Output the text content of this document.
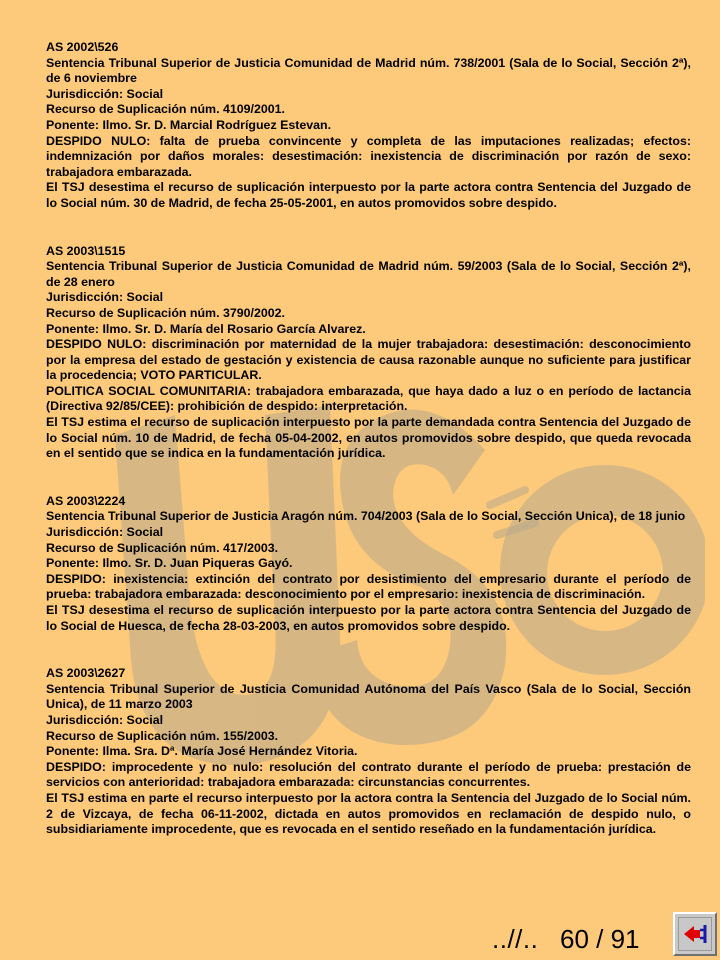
AS 2002\526

Sentencia Tribunal Superior de Justicia Comunidad de Madrid núm. 738/2001 (Sala de lo Social, Sección 2ª), de 6 noviembre

Jurisdicción: Social

Recurso de Suplicación núm. 4109/2001.

Ponente: Ilmo. Sr. D. Marcial Rodríguez Estevan.

DESPIDO NULO: falta de prueba convincente y completa de las imputaciones realizadas; efectos: indemnización por daños morales: desestimación: inexistencia de discriminación por razón de sexo: trabajadora embarazada.

El TSJ desestima el recurso de suplicación interpuesto por la parte actora contra Sentencia del Juzgado de lo Social núm. 30 de Madrid, de fecha 25-05-2001, en autos promovidos sobre despido.

AS 2003\1515

Sentencia Tribunal Superior de Justicia Comunidad de Madrid núm. 59/2003 (Sala de lo Social, Sección 2ª), de 28 enero

Jurisdicción: Social

Recurso de Suplicación núm. 3790/2002.

Ponente: Ilmo. Sr. D. María del Rosario García Alvarez.

DESPIDO NULO: discriminación por maternidad de la mujer trabajadora: desestimación: desconocimiento por la empresa del estado de gestación y existencia de causa razonable aunque no suficiente para justificar la procedencia; VOTO PARTICULAR.

POLITICA SOCIAL COMUNITARIA: trabajadora embarazada, que haya dado a luz o en período de lactancia (Directiva 92/85/CEE): prohibición de despido: interpretación.

El TSJ estima el recurso de suplicación interpuesto por la parte demandada contra Sentencia del Juzgado de lo Social núm. 10 de Madrid, de fecha 05-04-2002, en autos promovidos sobre despido, que queda revocada en el sentido que se indica en la fundamentación jurídica.

AS 2003\2224

Sentencia Tribunal Superior de Justicia Aragón núm. 704/2003 (Sala de lo Social, Sección Unica), de 18 junio

Jurisdicción: Social

Recurso de Suplicación núm. 417/2003.

Ponente: Ilmo. Sr. D. Juan Piqueras Gayó.

DESPIDO: inexistencia: extinción del contrato por desistimiento del empresario durante el período de prueba: trabajadora embarazada: desconocimiento por el empresario: inexistencia de discriminación.

El TSJ desestima el recurso de suplicación interpuesto por la parte actora contra Sentencia del Juzgado de lo Social de Huesca, de fecha 28-03-2003, en autos promovidos sobre despido.

AS 2003\2627

Sentencia Tribunal Superior de Justicia Comunidad Autónoma del País Vasco (Sala de lo Social, Sección Unica), de 11 marzo 2003

Jurisdicción: Social

Recurso de Suplicación núm. 155/2003.

Ponente: Ilma. Sra. Dª. María José Hernández Vitoria.

DESPIDO: improcedente y no nulo: resolución del contrato durante el período de prueba: prestación de servicios con anterioridad: trabajadora embarazada: circunstancias concurrentes.

El TSJ estima en parte el recurso interpuesto por la actora contra la Sentencia del Juzgado de lo Social núm. 2 de Vizcaya, de fecha 06-11-2002, dictada en autos promovidos en reclamación de despido nulo, o subsidiariamente improcedente, que es revocada en el sentido reseñado en la fundamentación jurídica.

..//.. 60 / 91
